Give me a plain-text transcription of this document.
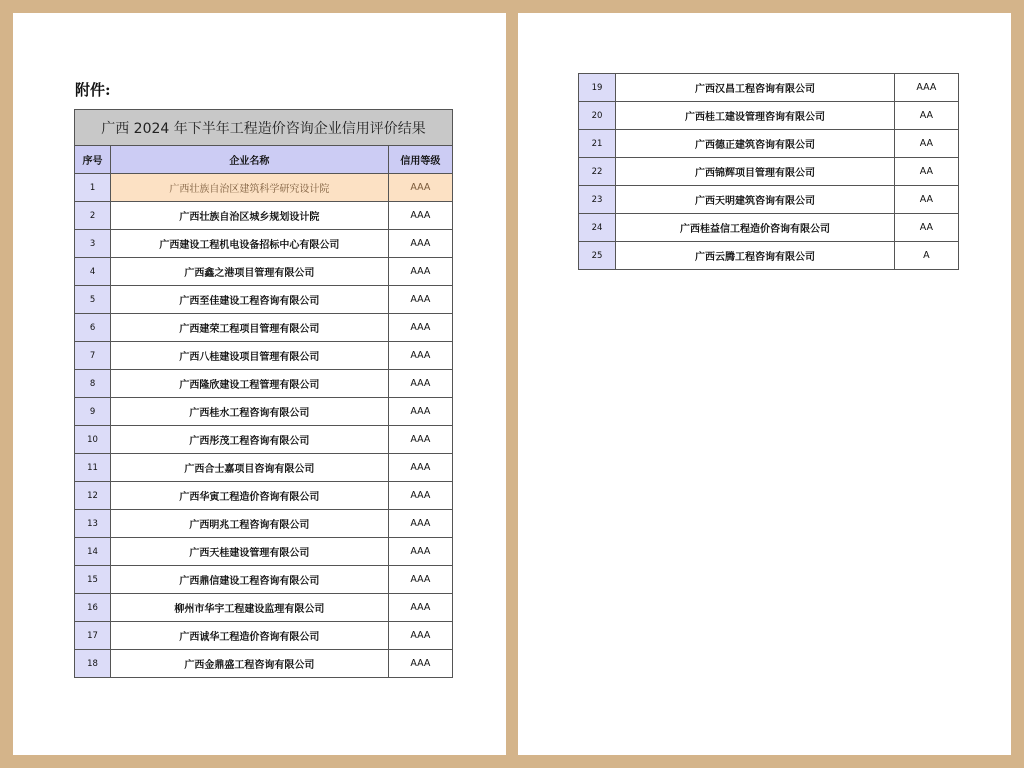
附件:
广西 2024 年下半年工程造价咨询企业信用评价结果		
序号	企业名称	信用等级
1	广西壮族自治区建筑科学研究设计院	AAA
2	广西壮族自治区城乡规划设计院	AAA
3	广西建设工程机电设备招标中心有限公司	AAA
4	广西鑫之港项目管理有限公司	AAA
5	广西至佳建设工程咨询有限公司	AAA
6	广西建荣工程项目管理有限公司	AAA
7	广西八桂建设项目管理有限公司	AAA
8	广西隆欣建设工程管理有限公司	AAA
9	广西桂水工程咨询有限公司	AAA
10	广西彤茂工程咨询有限公司	AAA
11	广西合士嘉项目咨询有限公司	AAA
12	广西华寅工程造价咨询有限公司	AAA
13	广西明兆工程咨询有限公司	AAA
14	广西天桂建设管理有限公司	AAA
15	广西鼎信建设工程咨询有限公司	AAA
16	柳州市华宇工程建设监理有限公司	AAA
17	广西诚华工程造价咨询有限公司	AAA
18	广西金鼎盛工程咨询有限公司	AAA
19	广西汉昌工程咨询有限公司	AAA
20	广西桂工建设管理咨询有限公司	AA
21	广西德正建筑咨询有限公司	AA
22	广西锦辉项目管理有限公司	AA
23	广西天明建筑咨询有限公司	AA
24	广西桂益信工程造价咨询有限公司	AA
25	广西云腾工程咨询有限公司	A
